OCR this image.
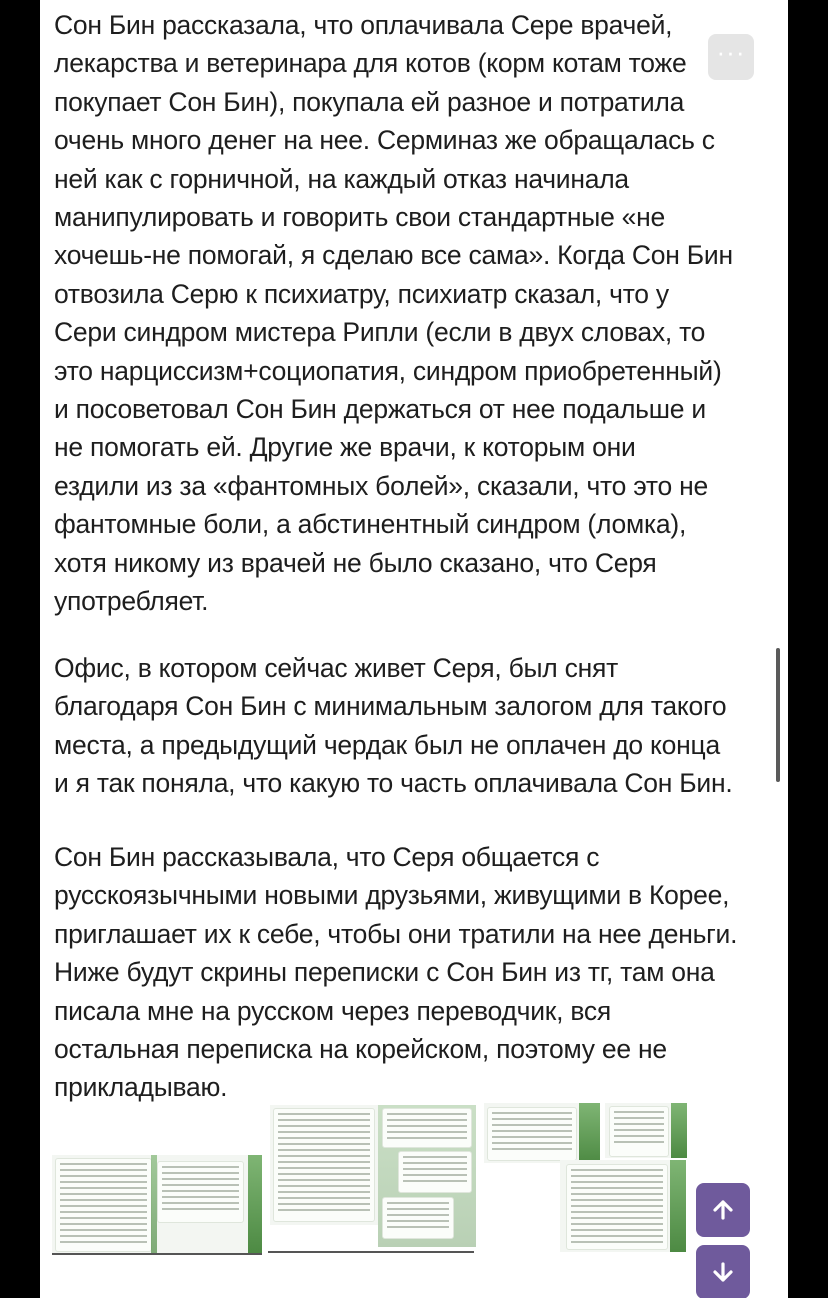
Сон Бин рассказала, что оплачивала Сере врачей,
лекарства и ветеринара для котов (корм котам тоже
покупает Сон Бин), покупала ей разное и потратила
очень много денег на нее. Серминаз же обращалась с
ней как с горничной, на каждый отказ начинала
манипулировать и говорить свои стандартные «не
хочешь-не помогай, я сделаю все сама». Когда Сон Бин
отвозила Серю к психиатру, психиатр сказал, что у
Сери синдром мистера Рипли (если в двух словах, то
это нарциссизм+социопатия, синдром приобретенный)
и посоветовал Сон Бин держаться от нее подальше и
не помогать ей. Другие же врачи, к которым они
ездили из за «фантомных болей», сказали, что это не
фантомные боли, а абстинентный синдром (ломка),
хотя никому из врачей не было сказано, что Серя
употребляет.
Офис, в котором сейчас живет Серя, был снят
благодаря Сон Бин с минимальным залогом для такого
места, а предыдущий чердак был не оплачен до конца
и я так поняла, что какую то часть оплачивала Сон Бин.
Сон Бин рассказывала, что Серя общается с
русскоязычными новыми друзьями, живущими в Корее,
приглашает их к себе, чтобы они тратили на нее деньги.
Ниже будут скрины переписки с Сон Бин из тг, там она
писала мне на русском через переводчик, вся
остальная переписка на корейском, поэтому ее не
прикладываю.
···
